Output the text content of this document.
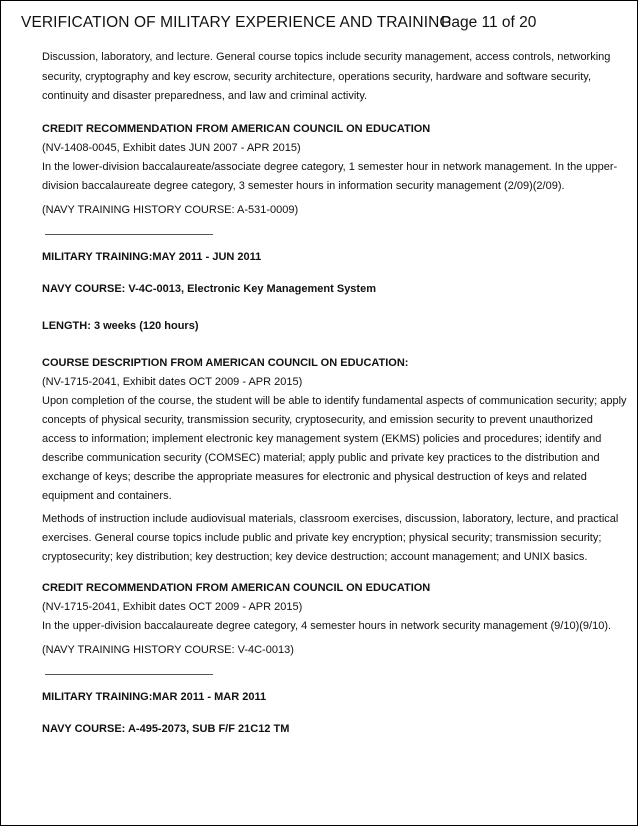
VERIFICATION OF MILITARY EXPERIENCE AND TRAINING
Page 11 of 20
Discussion, laboratory, and lecture. General course topics include security management, access controls, networking
security, cryptography and key escrow, security architecture, operations security, hardware and software security,
continuity and disaster preparedness, and law and criminal activity.
CREDIT RECOMMENDATION FROM AMERICAN COUNCIL ON EDUCATION
(NV-1408-0045, Exhibit dates JUN 2007 - APR 2015)
In the lower-division baccalaureate/associate degree category, 1 semester hour in network management. In the upper-
division baccalaureate degree category, 3 semester hours in information security management (2/09)(2/09).
(NAVY TRAINING HISTORY COURSE: A-531-0009)
MILITARY TRAINING:MAY 2011 - JUN 2011
NAVY COURSE: V-4C-0013, Electronic Key Management System
LENGTH: 3 weeks (120 hours)
COURSE DESCRIPTION FROM AMERICAN COUNCIL ON EDUCATION:
(NV-1715-2041, Exhibit dates OCT 2009 - APR 2015)
Upon completion of the course, the student will be able to identify fundamental aspects of communication security; apply
concepts of physical security, transmission security, cryptosecurity, and emission security to prevent unauthorized
access to information; implement electronic key management system (EKMS) policies and procedures; identify and
describe communication security (COMSEC) material; apply public and private key practices to the distribution and
exchange of keys; describe the appropriate measures for electronic and physical destruction of keys and related
equipment and containers.
Methods of instruction include audiovisual materials, classroom exercises, discussion, laboratory, lecture, and practical
exercises. General course topics include public and private key encryption; physical security; transmission security;
cryptosecurity; key distribution; key destruction; key device destruction; account management; and UNIX basics.
CREDIT RECOMMENDATION FROM AMERICAN COUNCIL ON EDUCATION
(NV-1715-2041, Exhibit dates OCT 2009 - APR 2015)
In the upper-division baccalaureate degree category, 4 semester hours in network security management (9/10)(9/10).
(NAVY TRAINING HISTORY COURSE: V-4C-0013)
MILITARY TRAINING:MAR 2011 - MAR 2011
NAVY COURSE: A-495-2073, SUB F/F 21C12 TM
